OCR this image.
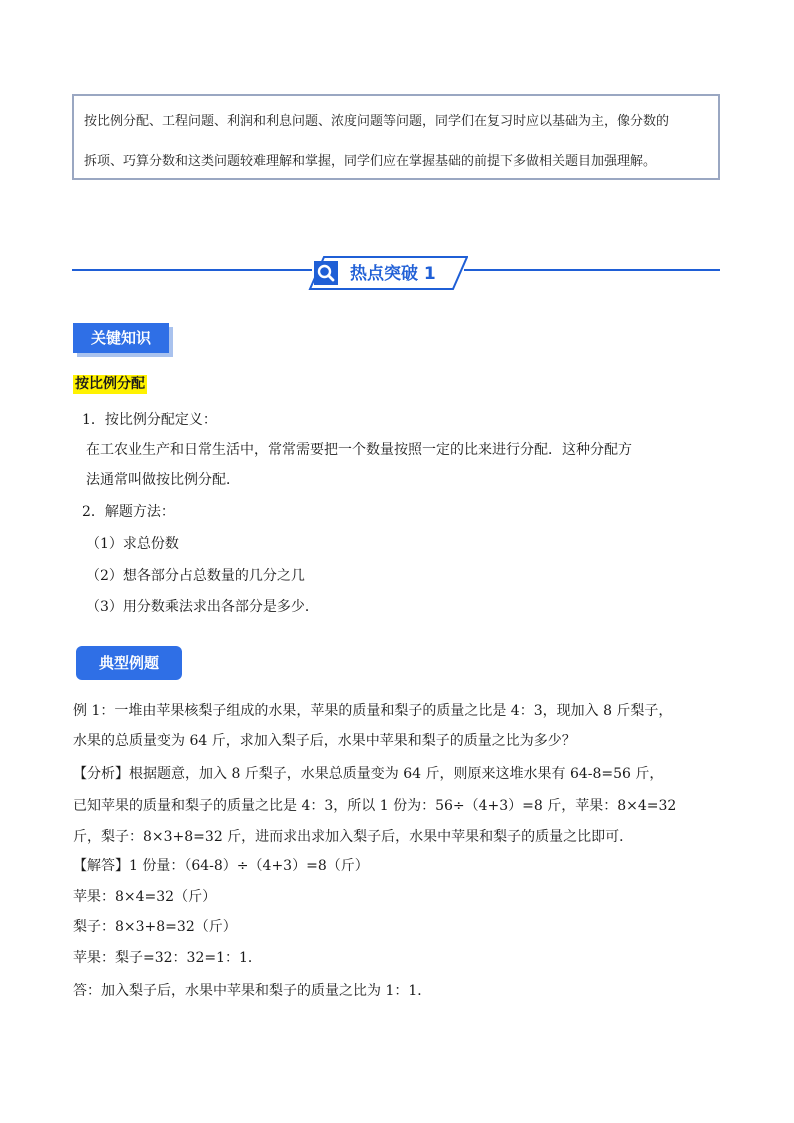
按比例分配、工程问题、利润和利息问题、浓度问题等问题，同学们在复习时应以基础为主，像分数的
拆项、巧算分数和这类问题较难理解和掌握，同学们应在掌握基础的前提下多做相关题目加强理解。
热点突破 1
关键知识
按比例分配
1．按比例分配定义：
在工农业生产和日常生活中，常常需要把一个数量按照一定的比来进行分配．这种分配方
法通常叫做按比例分配．
2．解题方法：
（1）求总份数
（2）想各部分占总数量的几分之几
（3）用分数乘法求出各部分是多少．
典型例题
例 1：一堆由苹果核梨子组成的水果，苹果的质量和梨子的质量之比是 4：3，现加入 8 斤梨子，
水果的总质量变为 64 斤，求加入梨子后，水果中苹果和梨子的质量之比为多少？
【分析】根据题意，加入 8 斤梨子，水果总质量变为 64 斤，则原来这堆水果有 64-8=56 斤，
已知苹果的质量和梨子的质量之比是 4：3，所以 1 份为：56÷（4+3）=8 斤，苹果：8×4=32
斤，梨子：8×3+8=32 斤，进而求出求加入梨子后，水果中苹果和梨子的质量之比即可．
【解答】1 份量：（64-8）÷（4+3）=8（斤）
苹果：8×4=32（斤）
梨子：8×3+8=32（斤）
苹果：梨子=32：32=1：1．
答：加入梨子后，水果中苹果和梨子的质量之比为 1：1．
